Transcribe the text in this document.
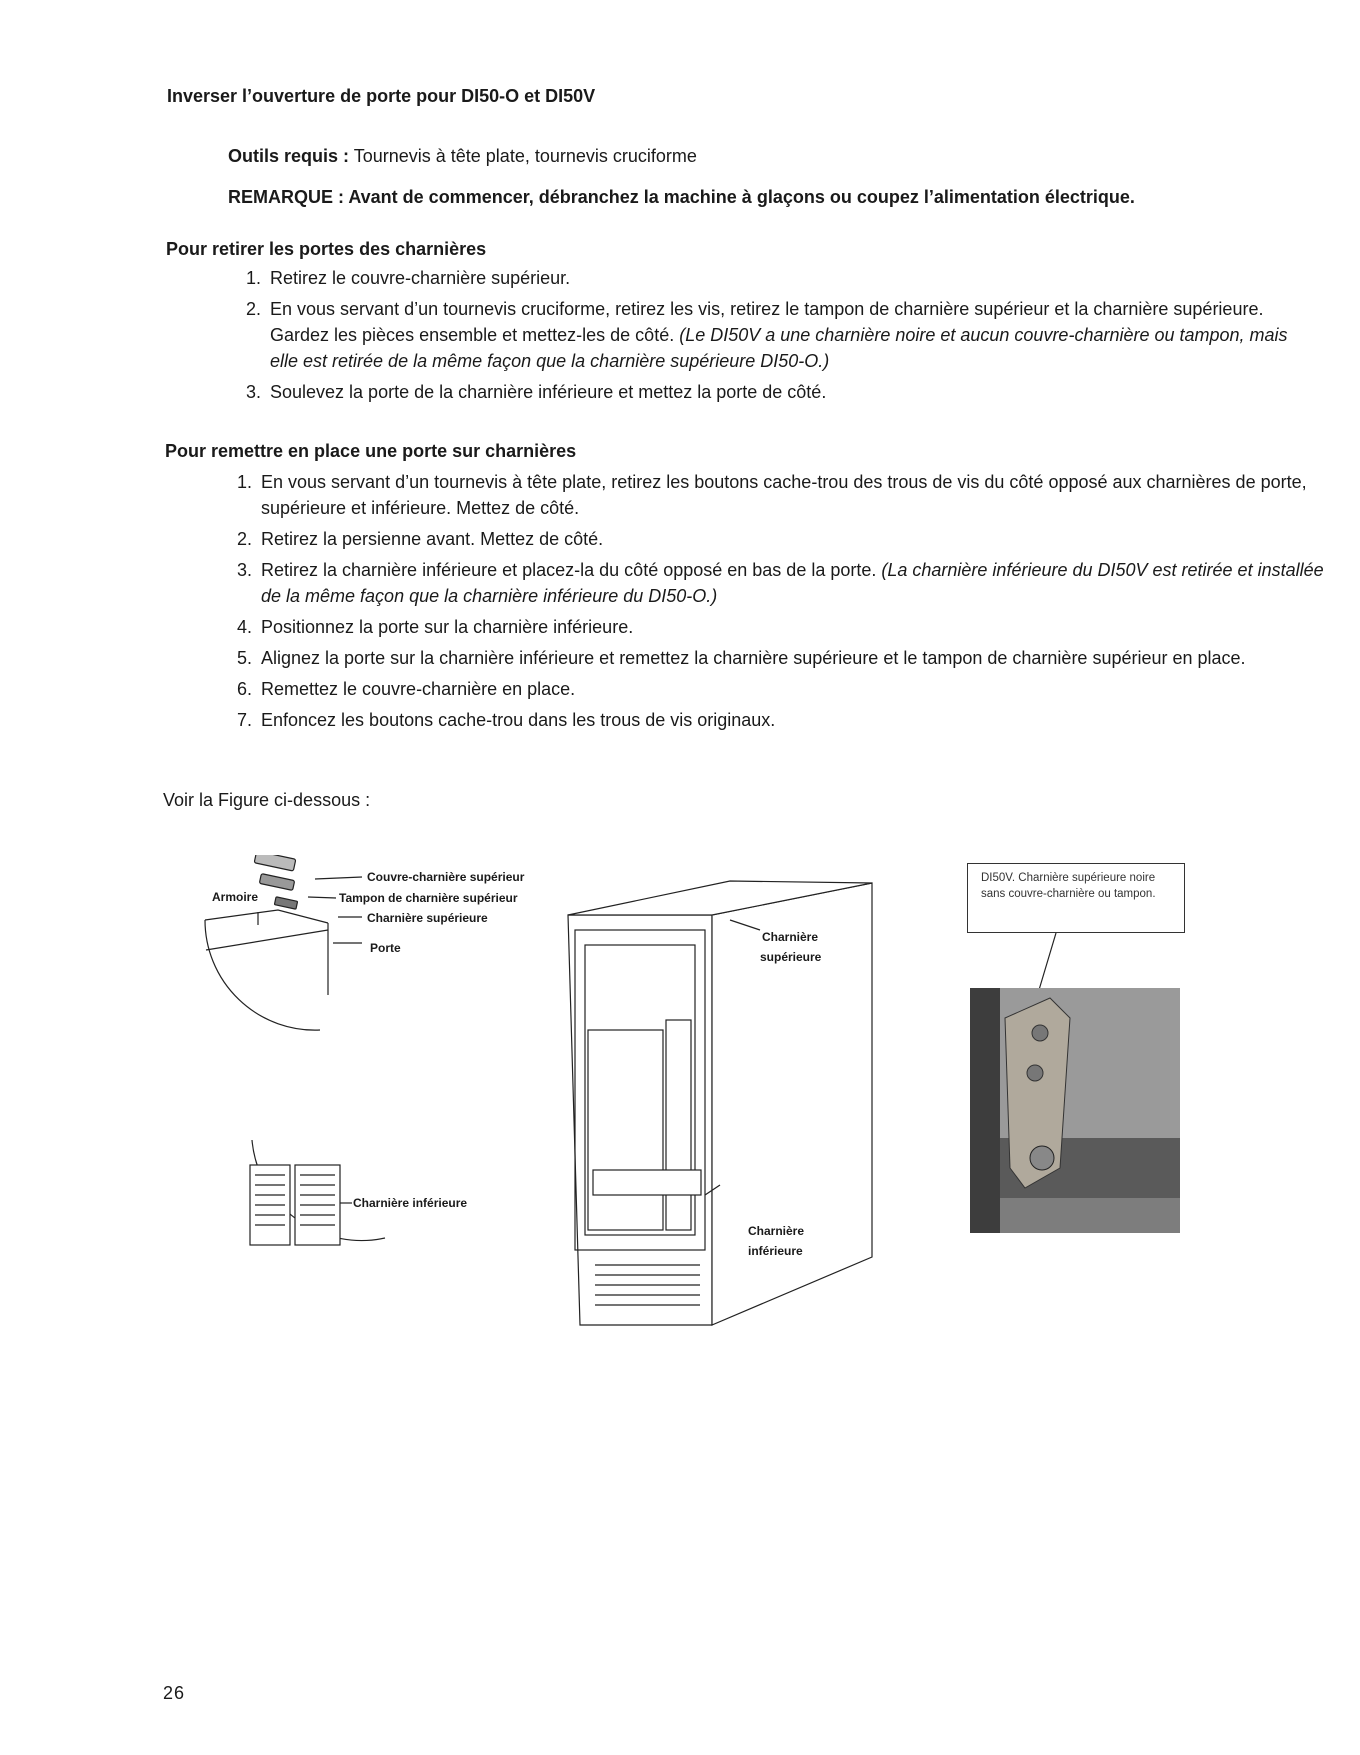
Inverser l’ouverture de porte pour DI50-O et DI50V
Outils requis : Tournevis à tête plate, tournevis cruciforme
REMARQUE : Avant de commencer, débranchez la machine à glaçons ou coupez l’alimentation électrique.
Pour retirer les portes des charnières
1. Retirez le couvre-charnière supérieur.
2. En vous servant d’un tournevis cruciforme, retirez les vis, retirez le tampon de charnière supérieur et la charnière supérieure. Gardez les pièces ensemble et mettez-les de côté. (Le DI50V a une charnière noire et aucun couvre-charnière ou tampon, mais elle est retirée de la même façon que la charnière supérieure DI50-O.)
3. Soulevez la porte de la charnière inférieure et mettez la porte de côté.
Pour remettre en place une porte sur charnières
1. En vous servant d’un tournevis à tête plate, retirez les boutons cache-trou des trous de vis du côté opposé aux charnières de porte, supérieure et inférieure. Mettez de côté.
2. Retirez la persienne avant. Mettez de côté.
3. Retirez la charnière inférieure et placez-la du côté opposé en bas de la porte. (La charnière inférieure du DI50V est retirée et installée de la même façon que la charnière inférieure du DI50-O.)
4. Positionnez la porte sur la charnière inférieure.
5. Alignez la porte sur la charnière inférieure et remettez la charnière supérieure et le tampon de charnière supérieur en place.
6. Remettez le couvre-charnière en place.
7. Enfoncez les boutons cache-trou dans les trous de vis originaux.
Voir la Figure ci-dessous :
Couvre-charnière supérieur
Tampon de charnière supérieur
Charnière supérieure
Armoire
Porte
Charnière inférieure
Charnière
supérieure
Charnière
inférieure
DI50V. Charnière supérieure noire sans couvre-charnière ou tampon.
26
